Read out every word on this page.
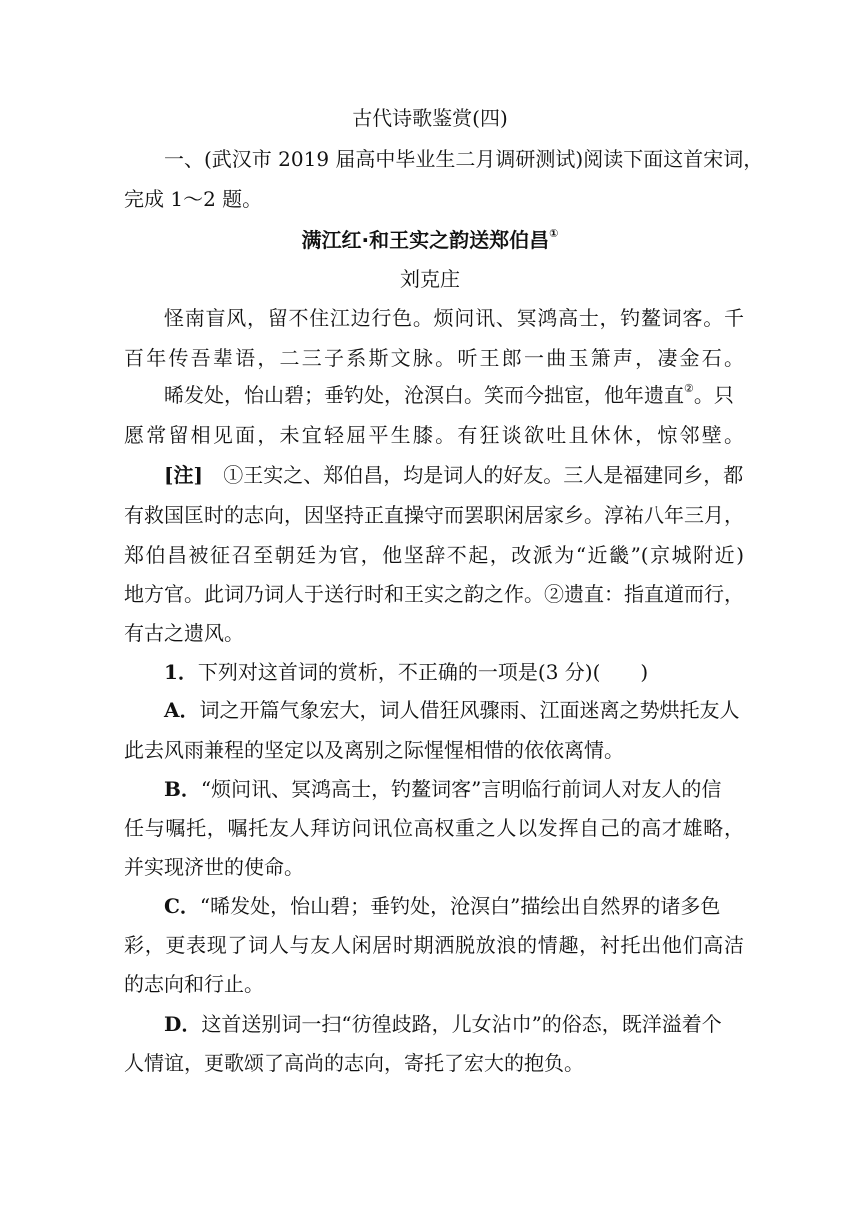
古代诗歌鉴赏(四)
一、(武汉市 2019 届高中毕业生二月调研测试)阅读下面这首宋词，
完成 1～2 题。
满江红·和王实之韵送郑伯昌①
刘克庄
怪南盲风，留不住江边行色。烦问讯、冥鸿高士，钓鳌词客。千
百年传吾辈语，二三子系斯文脉。听王郎一曲玉箫声，凄金石。
晞发处，怡山碧；垂钓处，沧溟白。笑而今拙宦，他年遗直②。只
愿常留相见面，未宜轻屈平生膝。有狂谈欲吐且休休，惊邻壁。
[注] ①王实之、郑伯昌，均是词人的好友。三人是福建同乡，都
有救国匡时的志向，因坚持正直操守而罢职闲居家乡。淳祐八年三月，
郑伯昌被征召至朝廷为官，他坚辞不起，改派为“近畿”(京城附近)
地方官。此词乃词人于送行时和王实之韵之作。②遗直：指直道而行，
有古之遗风。
1．下列对这首词的赏析，不正确的一项是(3 分)(　　)
A．词之开篇气象宏大，词人借狂风骤雨、江面迷离之势烘托友人
此去风雨兼程的坚定以及离别之际惺惺相惜的依依离情。
B．“烦问讯、冥鸿高士，钓鳌词客”言明临行前词人对友人的信
任与嘱托，嘱托友人拜访问讯位高权重之人以发挥自己的高才雄略，
并实现济世的使命。
C．“晞发处，怡山碧；垂钓处，沧溟白”描绘出自然界的诸多色
彩，更表现了词人与友人闲居时期洒脱放浪的情趣，衬托出他们高洁
的志向和行止。
D．这首送别词一扫“彷徨歧路，儿女沾巾”的俗态，既洋溢着个
人情谊，更歌颂了高尚的志向，寄托了宏大的抱负。
